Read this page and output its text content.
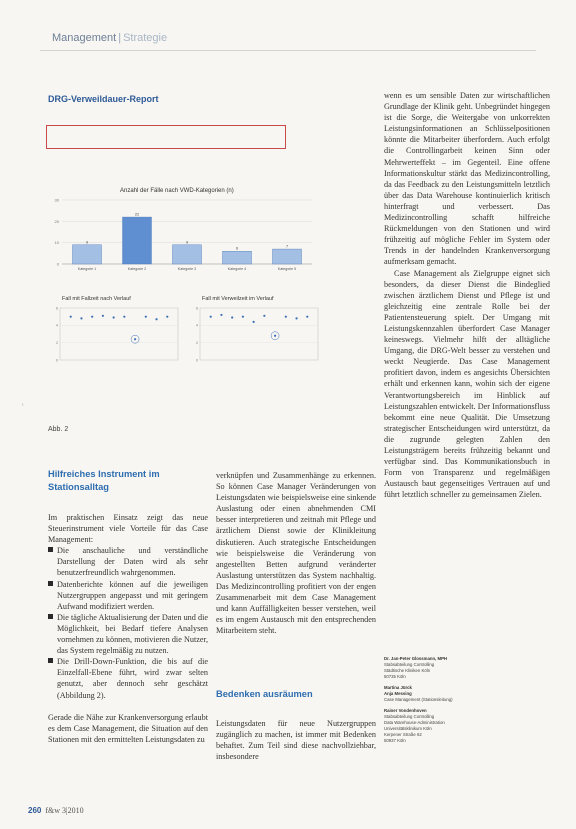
Management | Strategie
DRG-Verweildauer-Report
Anzahl der Fälle nach VWD-Kategorien (n)
0
10
20
30
9
Kategorie 1
22
Kategorie 2
9
Kategorie 3
6
Kategorie 4
7
Kategorie 5
Fall mit Fallzeit nach Verlauf	Fall mit Verweilzeit im Verlauf
0
2
4
6
0
2
4
6
Abb. 2
ı

wenn es um sensible Daten zur wirtschaftlichen Grundlage der Klinik geht. Unbegründet hingegen ist die Sorge, die Weitergabe von unkorrekten Leistungsinformationen an Schlüsselpositionen könnte die Mitarbeiter überfordern. Auch erfolgt die Controllingarbeit keinen Sinn oder Mehrwerteffekt – im Gegenteil. Eine offene Informationskultur stärkt das Medizincontrolling, da das Feedback zu den Leistungsmitteln letztlich über das Data Warehouse kontinuierlich kritisch hinterfragt und verbessert. Das Medizincontrolling schafft hilfreiche Rückmeldungen von den Stationen und wird frühzeitig auf mögliche Fehler im System oder Trends in der handelnden Krankenversorgung aufmerksam gemacht.

Case Management als Zielgruppe eignet sich besonders, da dieser Dienst die Bindeglied zwischen ärztlichem Dienst und Pflege ist und gleichzeitig eine zentrale Rolle bei der Patientensteuerung spielt. Der Umgang mit Leistungskennzahlen überfordert Case Manager keineswegs. Vielmehr hilft der alltägliche Umgang, die DRG-Welt besser zu verstehen und weckt Neugierde. Das Case Management profitiert davon, indem es angesichts Übersichten erhält und erkennen kann, wohin sich der eigene Verantwortungsbereich im Hinblick auf Leistungszahlen entwickelt. Der Informationsfluss bekommt eine neue Qualität. Die Umsetzung strategischer Entscheidungen wird unterstützt, da die zugrunde gelegten Zahlen den Leistungsträgern bereits frühzeitig bekannt und verfügbar sind. Das Kommunikationsbuch in Form von Transparenz und regelmäßigen Austausch baut gegenseitiges Vertrauen auf und führt letztlich schneller zu gemeinsamen Zielen.

Hilfreiches Instrument im Stationsalltag

Im praktischen Einsatz zeigt das neue Steuerinstrument viele Vorteile für das Case Management:

Die anschauliche und verständliche Darstellung der Daten wird als sehr benutzerfreundlich wahrgenommen.

Datenberichte können auf die jeweiligen Nutzergruppen angepasst und mit geringem Aufwand modifiziert werden.

Die tägliche Aktualisierung der Daten und die Möglichkeit, bei Bedarf tiefere Analysen vornehmen zu können, motivieren die Nutzer, das System regelmäßig zu nutzen.

Die Drill-Down-Funktion, die bis auf die Einzelfall-Ebene führt, wird zwar selten genutzt, aber dennoch sehr geschätzt (Abbildung 2).

Gerade die Nähe zur Krankenversorgung erlaubt es dem Case Management, die Situation auf den Stationen mit den ermittelten Leistungsdaten zu

verknüpfen und Zusammenhänge zu erkennen. So können Case Manager Veränderungen von Leistungsdaten wie beispielsweise eine sinkende Auslastung oder einen abnehmenden CMI besser interpretieren und zeitnah mit Pflege und ärztlichem Dienst sowie der Klinikleitung diskutieren. Auch strategische Entscheidungen wie beispielsweise die Veränderung von angestellten Betten aufgrund veränderter Auslastung unterstützen das System nachhaltig. Das Medizincontrolling profitiert von der engen Zusammenarbeit mit dem Case Management und kann Auffälligkeiten besser verstehen, weil es im engem Austausch mit den entsprechenden Mitarbeitern steht.

Bedenken ausräumen

Leistungsdaten für neue Nutzergruppen zugänglich zu machen, ist immer mit Bedenken behaftet. Zum Teil sind diese nachvollziehbar, insbesondere

Dr. Jan-Peter Glossmann, MPH
Stabsabteilung Controlling
Städtische Kliniken Köln
50735 Köln
Martina Jürck
Anja Messing
Case Management (Stationsleitung)
Rainer Vondenhoven
Stabsabteilung Controlling
Data Warehouse-Administration
Universitätsklinikum Köln
Kerpener Straße 62
50937 Köln
260 f&w 3|2010
